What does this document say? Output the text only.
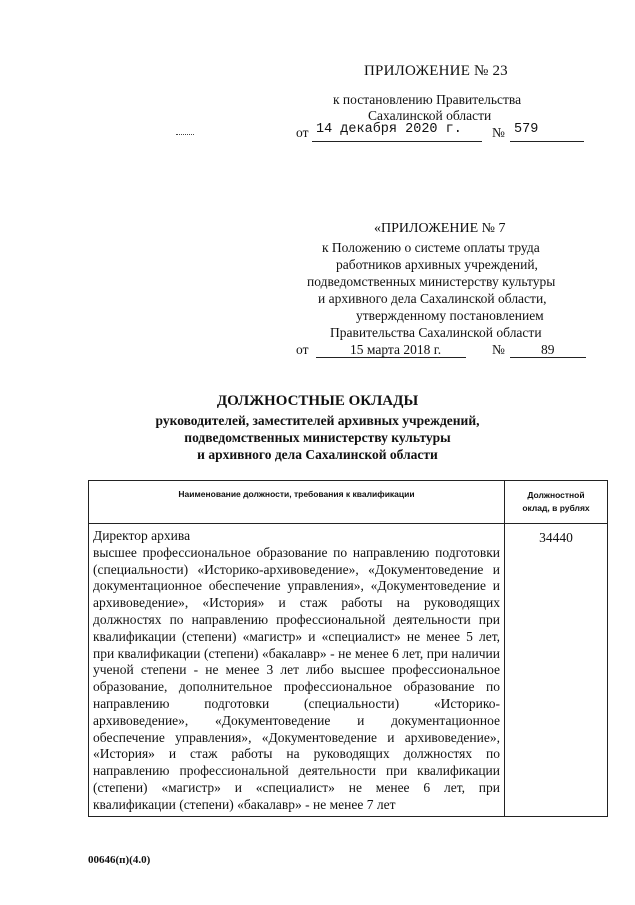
ПРИЛОЖЕНИЕ № 23
к постановлению Правительства
Сахалинской области
от 14 декабря 2020 г. № 579
«ПРИЛОЖЕНИЕ № 7
к Положению о системе оплаты труда
работников архивных учреждений,
подведомственных министерству культуры
и архивного дела Сахалинской области,
утвержденному постановлением
Правительства Сахалинской области
от	15 марта 2018 г.	№	89
ДОЛЖНОСТНЫЕ ОКЛАДЫ
руководителей, заместителей архивных учреждений,
подведомственных министерству культуры
и архивного дела Сахалинской области
Наименование должности, требования к квалификации	Должностной
оклад, в рублях

Директор архива
высшее профессиональное образование по направлению подготовки (специальности) «Историко-архивоведение», «Документоведение и документационное обеспечение управления», «Документоведение и архивоведение», «История» и стаж работы на руководящих должностях по направлению профессиональной деятельности при квалификации (степени) «магистр» и «специалист» не менее 5 лет, при квалификации (степени) «бакалавр» - не менее 6 лет, при наличии ученой степени - не менее 3 лет либо высшее профессиональное образование, дополнительное профессиональное образование по направлению подготовки (специальности) «Историко-архивоведение», «Документоведение и документационное обеспечение управления», «Документоведение и архивоведение», «История» и стаж работы на руководящих должностях по направлению профессиональной деятельности при квалификации (степени) «магистр» и «специалист» не менее 6 лет, при квалификации (степени) «бакалавр» - не менее 7 лет	34440
00646(п)(4.0)
